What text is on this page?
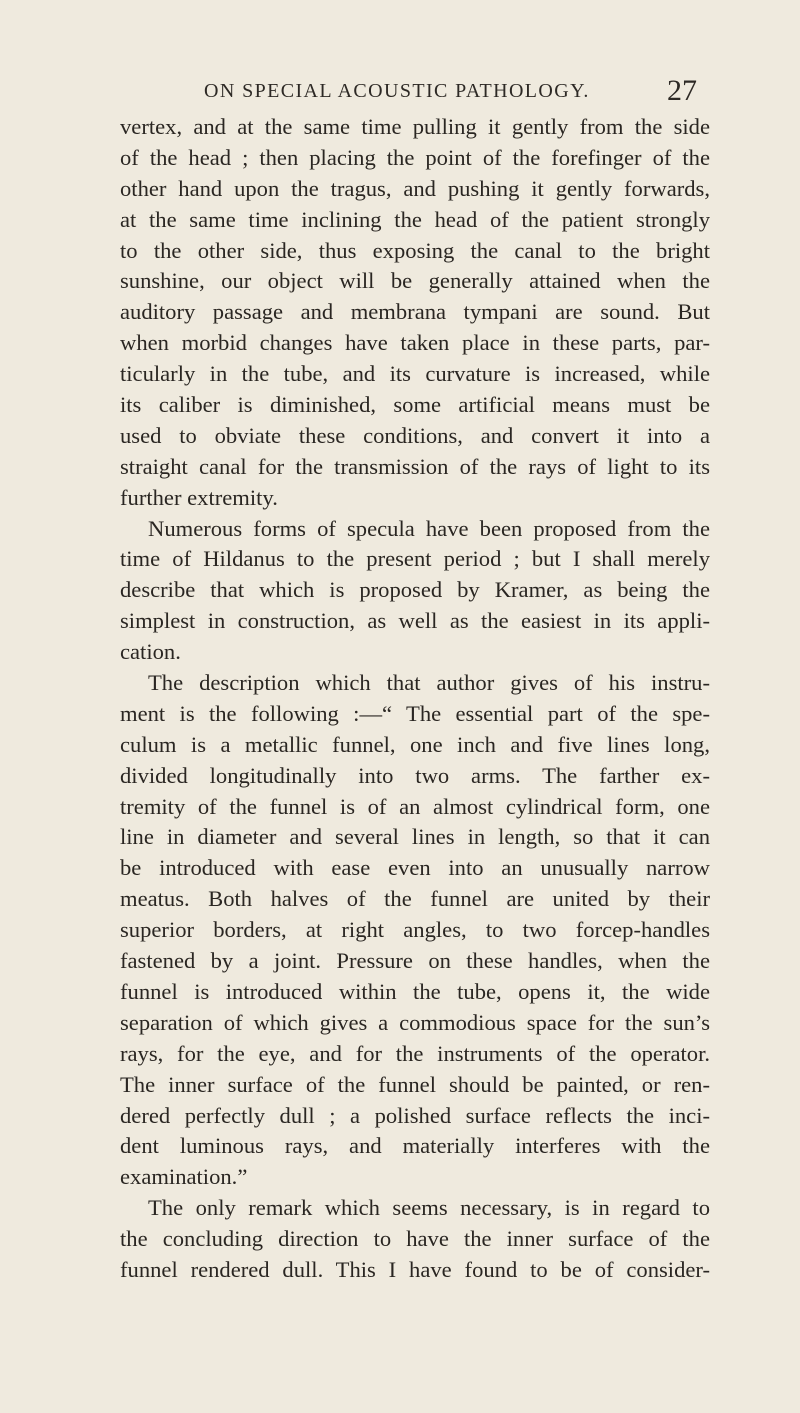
ON SPECIAL ACOUSTIC PATHOLOGY.	27
vertex, and at the same time pulling it gently from the side
of the head ; then placing the point of the forefinger of the
other hand upon the tragus, and pushing it gently forwards,
at the same time inclining the head of the patient strongly
to the other side, thus exposing the canal to the bright
sunshine, our object will be generally attained when the
auditory passage and membrana tympani are sound. But
when morbid changes have taken place in these parts, par-
ticularly in the tube, and its curvature is increased, while
its caliber is diminished, some artificial means must be
used to obviate these conditions, and convert it into a
straight canal for the transmission of the rays of light to its
further extremity.
Numerous forms of specula have been proposed from the
time of Hildanus to the present period ; but I shall merely
describe that which is proposed by Kramer, as being the
simplest in construction, as well as the easiest in its appli-
cation.
The description which that author gives of his instru-
ment is the following :—“ The essential part of the spe-
culum is a metallic funnel, one inch and five lines long,
divided longitudinally into two arms. The farther ex-
tremity of the funnel is of an almost cylindrical form, one
line in diameter and several lines in length, so that it can
be introduced with ease even into an unusually narrow
meatus. Both halves of the funnel are united by their
superior borders, at right angles, to two forcep-handles
fastened by a joint. Pressure on these handles, when the
funnel is introduced within the tube, opens it, the wide
separation of which gives a commodious space for the sun’s
rays, for the eye, and for the instruments of the operator.
The inner surface of the funnel should be painted, or ren-
dered perfectly dull ; a polished surface reflects the inci-
dent luminous rays, and materially interferes with the
examination.”
The only remark which seems necessary, is in regard to
the concluding direction to have the inner surface of the
funnel rendered dull. This I have found to be of consider-
